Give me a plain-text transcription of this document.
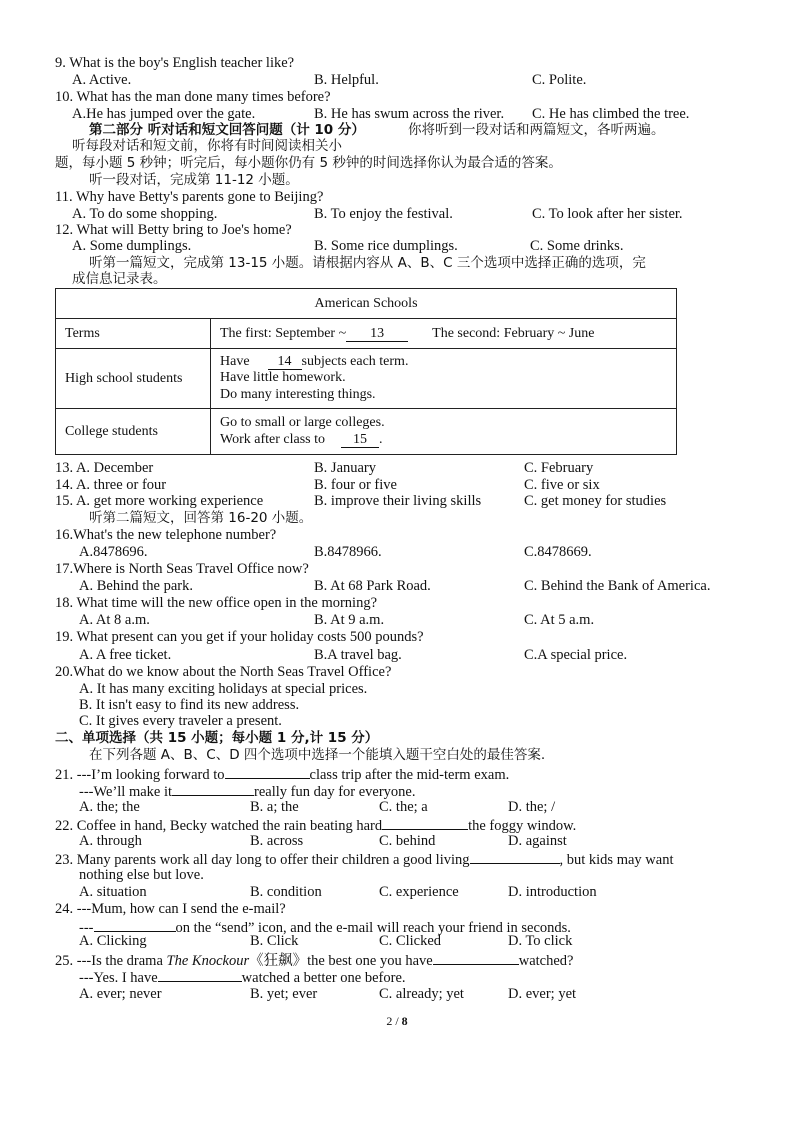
9. What is the boy's English teacher like?
A. Active.	B. Helpful.	C. Polite.
10. What has the man done many times before?
A.He has jumped over the gate.	B. He has swum across the river. C. He has climbed the tree.
第二部分 听对话和短文回答问题（计 10 分）	你将听到一段对话和两篇短文，各听两遍。
听每段对话和短文前，你将有时间阅读相关小
题，每小题 5 秒钟；听完后，每小题你仍有 5 秒钟的时间选择你认为最合适的答案。
听一段对话，完成第 11-12 小题。
11. Why have Betty's parents gone to Beijing?
A. To do some shopping.	B. To enjoy the festival.	C. To look after her sister.
12. What will Betty bring to Joe's home?
A. Some dumplings.	B. Some rice dumplings.	C. Some drinks.
听第一篇短文，完成第 13-15 小题。请根据内容从 A、B、C 三个选项中选择正确的选项，完
成信息记录表。
American Schools	
Terms	The first: September ~ 13 The second: February ~ June
High school students	Have 14 subjects each term.
Have little homework.
Do many interesting things.

College students	Go to small or large colleges.
Work after class to 15 .
13. A. December	B. January	C. February
14. A. three or four	B. four or five	C. five or six
15. A. get more working experience	B. improve their living skills	C. get money for studies
听第二篇短文，回答第 16-20 小题。
16.What's the new telephone number?
A.8478696.	B.8478966.	C.8478669.
17.Where is North Seas Travel Office now?
A. Behind the park.	B. At 68 Park Road.	C. Behind the Bank of America.
18. What time will the new office open in the morning?
A. At 8 a.m.	B. At 9 a.m.	C. At 5 a.m.
19. What present can you get if your holiday costs 500 pounds?
A. A free ticket.	B.A travel bag.	C.A special price.
20.What do we know about the North Seas Travel Office?
A. It has many exciting holidays at special prices.
B. It isn't easy to find its new address.
C. It gives every traveler a present.
二、单项选择（共 15 小题；每小题 1 分,计 15 分）
在下列各题 A、B、C、D 四个选项中选择一个能填入题干空白处的最佳答案.
21. ---I’m looking forward to	class trip after the mid-term exam.
---We’ll make it	really fun day for everyone.
A. the; the	B. a; the	C. the; a	D. the; /
22. Coffee in hand, Becky watched the rain beating hard	the foggy window.
A. through	B. across	C. behind	D. against
23. Many parents work all day long to offer their children a good living	, but kids may want
nothing else but love.
A. situation	B. condition	C. experience	D. introduction
24. ---Mum, how can I send the e-mail?
---	on the “send” icon, and the e-mail will reach your friend in seconds.
A. Clicking	B. Click	C. Clicked	D. To click
25. ---Is the drama The Knockour《狂飙》the best one you have	watched?
---Yes. I have	watched a better one before.
A. ever; never	B. yet; ever	C. already; yet	D. ever; yet
2 / 8
